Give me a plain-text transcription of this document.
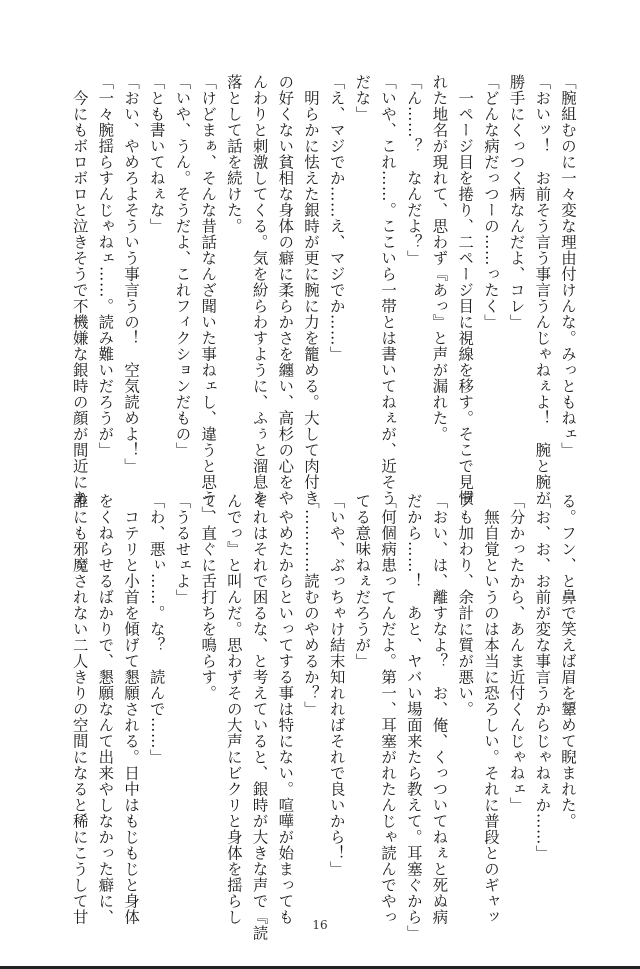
「腕組むのに一々変な理由付けんな。みっともねェ」
「おいッ！　お前そう言う事言うんじゃねぇよ！　腕と腕が
勝手にくっつく病なんだよ、コレ」
「どんな病だっつーの……ったく」
　一ページ目を捲り、二ページ目に視線を移す。そこで見慣
れた地名が現れて、思わず『あっ』と声が漏れた。
「ん……？　なんだよ？」
「いや、これ……。ここいら一帯とは書いてねぇが、近そう
だな」
「え、マジでか……え、マジでか……」
　明らかに怯えた銀時が更に腕に力を籠める。大して肉付き
の好くない貧相な身体の癖に柔らかさを纏い、高杉の心をや
んわりと刺激してくる。気を紛らわすように、ふぅと溜息を
落として話を続けた。
「けどまぁ、そんな昔話なんざ聞いた事ねェし、違うと思う」
「いや、うん。そうだよ、これフィクションだもの」
「とも書いてねぇな」
「おい、やめろよそういう事言うの！　空気読めよ！」
「一々腕揺らすんじゃねェ……。読み難いだろうが」
　今にもボロボロと泣きそうで不機嫌な銀時の顔が間近にあ
る。フン、と鼻で笑えば眉を顰めて睨まれた。
「お、お、お前が変な事言うからじゃねぇか……」
「分かったから、あんま近付くんじゃねェ」
　無自覚というのは本当に恐ろしい。それに普段とのギャッ
プも加わり、余計に質が悪い。
「おい、は、離すなよ？　お、俺、くっついてねぇと死ぬ病
だから……！　あと、ヤバい場面来たら教えて。耳塞ぐから」
「何個病患ってんだよ。第一、耳塞がれたんじゃ読んでやっ
てる意味ねぇだろうが」
「いや、ぶっちゃけ結末知れればそれで良いから！」
「…………読むのやめるか？」
　やめたからといってする事は特にない。喧嘩が始まっても
それはそれで困るな、と考えていると、銀時が大きな声で『読
んでっ』と叫んだ。思わずその大声にビクリと身体を揺らし
て、直ぐに舌打ちを鳴らす。
「うるせェよ」
「わ、悪ぃ……。な？　読んで……」
　コテリと小首を傾げて懇願される。日中はもじもじと身体
をくねらせるばかりで、懇願なんて出来やしなかった癖に、
誰にも邪魔されない二人きりの空間になると稀にこうして甘	16
